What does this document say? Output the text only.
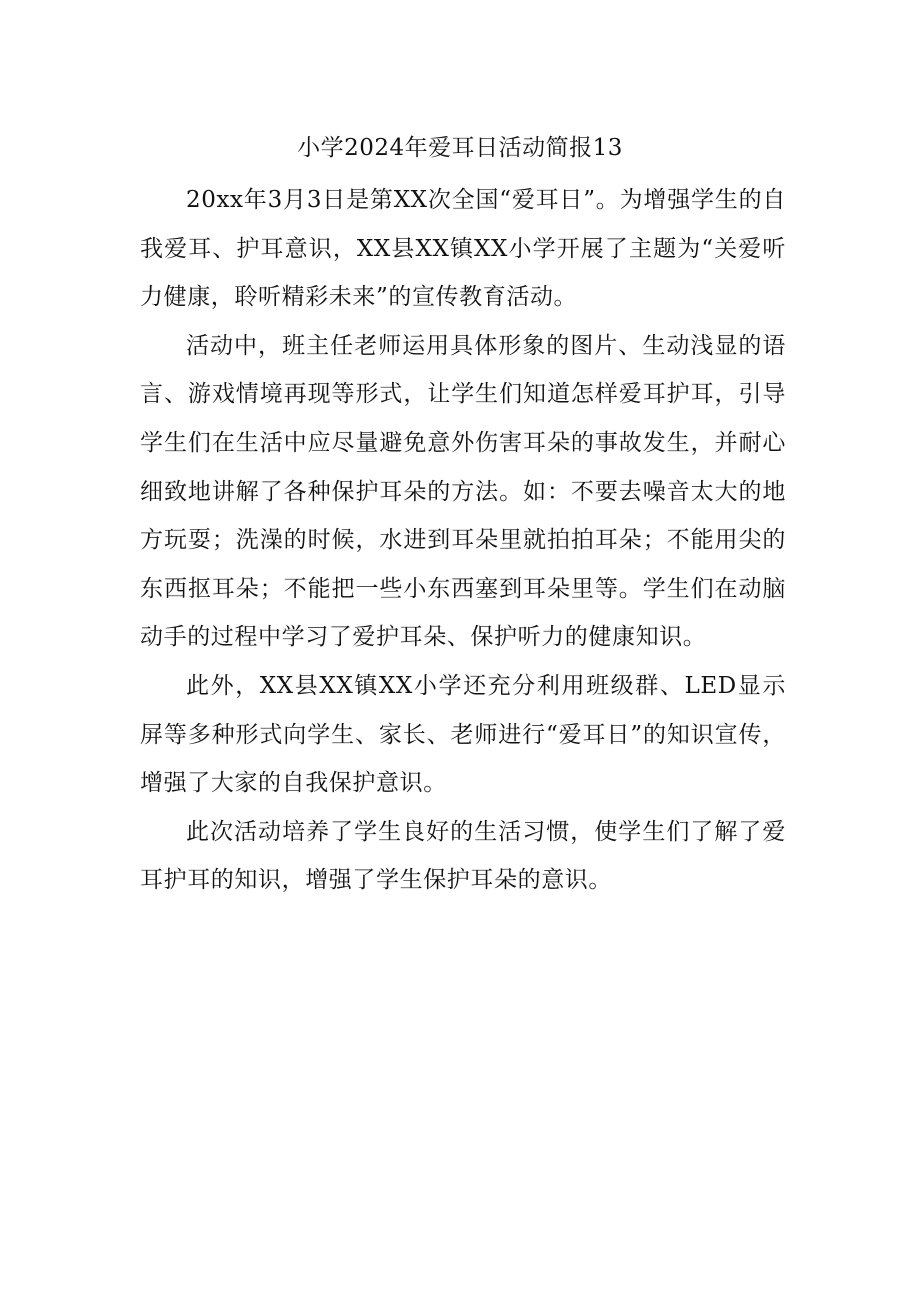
小学2024年爱耳日活动简报13

20xx年3月3日是第XX次全国“爱耳日”。为增强学生的自我爱耳、护耳意识，XX县XX镇XX小学开展了主题为“关爱听力健康，聆听精彩未来”的宣传教育活动。

活动中，班主任老师运用具体形象的图片、生动浅显的语言、游戏情境再现等形式，让学生们知道怎样爱耳护耳，引导学生们在生活中应尽量避免意外伤害耳朵的事故发生，并耐心细致地讲解了各种保护耳朵的方法。如：不要去噪音太大的地方玩耍；洗澡的时候，水进到耳朵里就拍拍耳朵；不能用尖的东西抠耳朵；不能把一些小东西塞到耳朵里等。学生们在动脑动手的过程中学习了爱护耳朵、保护听力的健康知识。

此外，XX县XX镇XX小学还充分利用班级群、LED显示屏等多种形式向学生、家长、老师进行“爱耳日”的知识宣传，增强了大家的自我保护意识。

此次活动培养了学生良好的生活习惯，使学生们了解了爱耳护耳的知识，增强了学生保护耳朵的意识。
